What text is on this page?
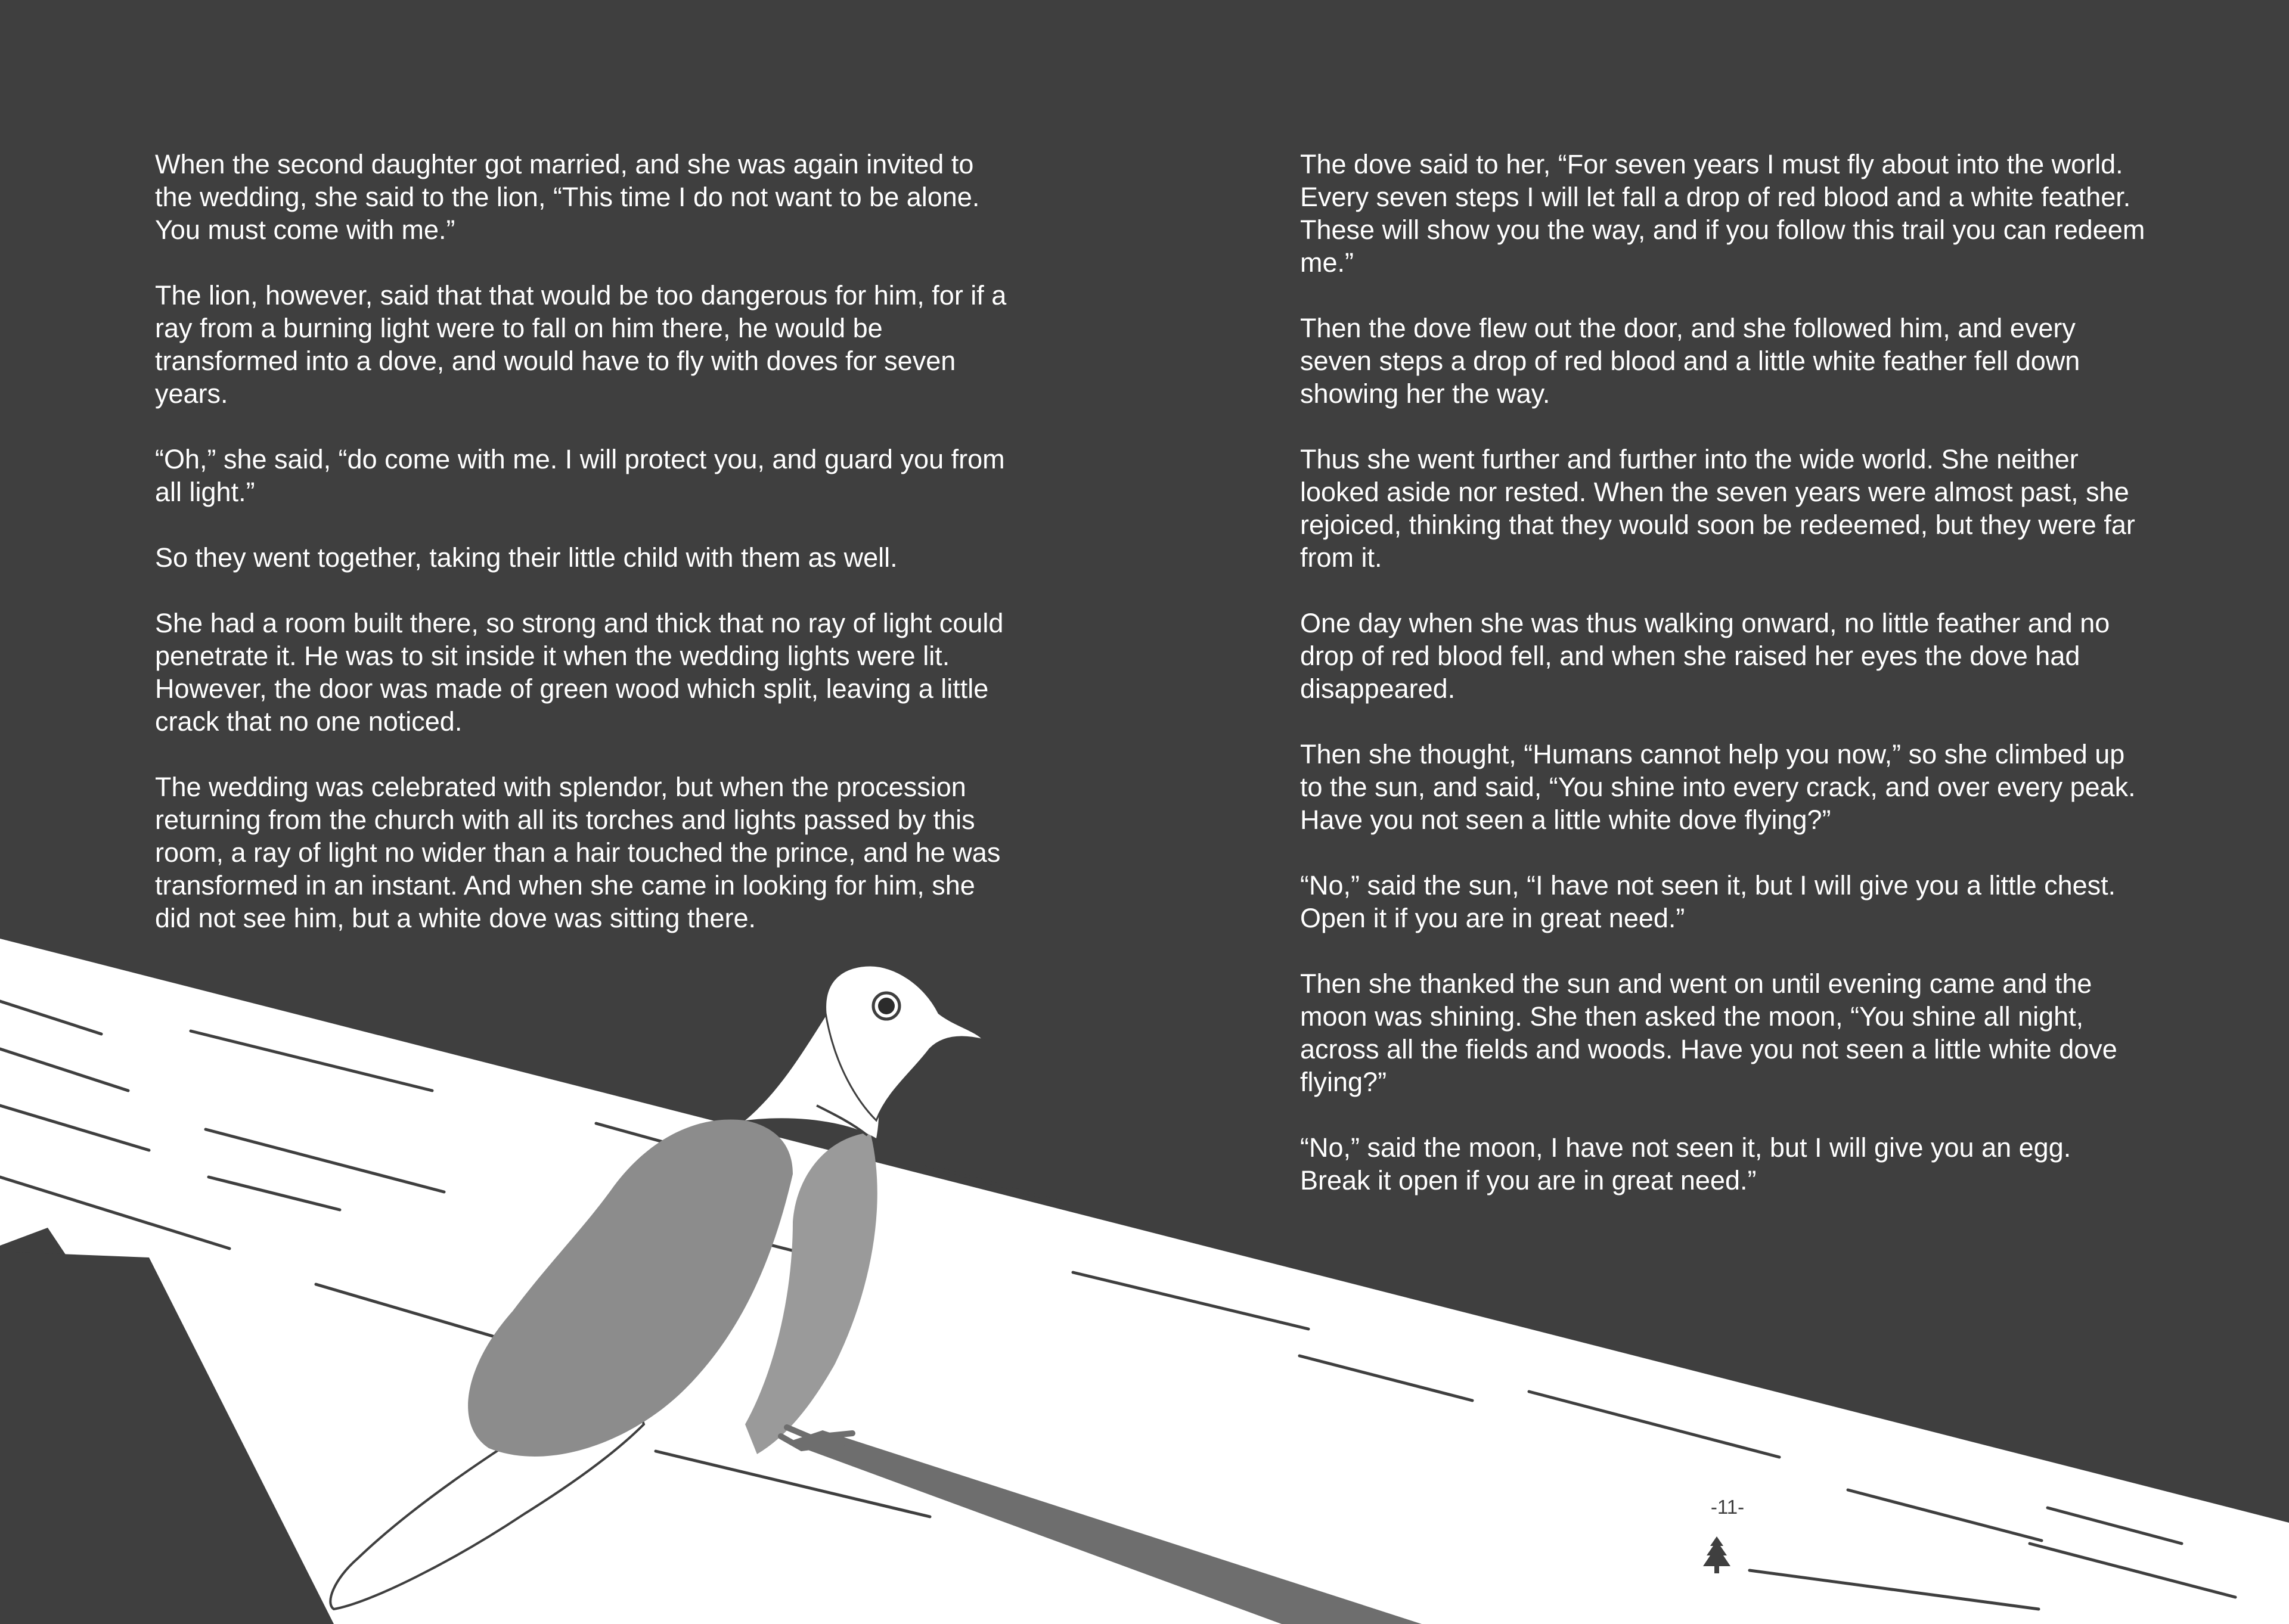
When the second daughter got married, and she was again invited to the wedding, she said to the lion, “This time I do not want to be alone. You must come with me.”

The lion, however, said that that would be too dangerous for him, for if a ray from a burning light were to fall on him there, he would be transformed into a dove, and would have to fly with doves for seven years.

“Oh,” she said, “do come with me. I will protect you, and guard you from all light.”

So they went together, taking their little child with them as well.

She had a room built there, so strong and thick that no ray of light could penetrate it. He was to sit inside it when the wedding lights were lit. However, the door was made of green wood which split, leaving a little crack that no one noticed.

The wedding was celebrated with splendor, but when the procession returning from the church with all its torches and lights passed by this room, a ray of light no wider than a hair touched the prince, and he was transformed in an instant. And when she came in looking for him, she did not see him, but a white dove was sitting there.

The dove said to her, “For seven years I must fly about into the world. Every seven steps I will let fall a drop of red blood and a white feather. These will show you the way, and if you follow this trail you can redeem me.”

Then the dove flew out the door, and she followed him, and every seven steps a drop of red blood and a little white feather fell down showing her the way.

Thus she went further and further into the wide world. She neither looked aside nor rested. When the seven years were almost past, she rejoiced, thinking that they would soon be redeemed, but they were far from it.

One day when she was thus walking onward, no little feather and no drop of red blood fell, and when she raised her eyes the dove had disappeared.

Then she thought, “Humans cannot help you now,” so she climbed up to the sun, and said, “You shine into every crack, and over every peak. Have you not seen a little white dove flying?”

“No,” said the sun, “I have not seen it, but I will give you a little chest. Open it if you are in great need.”

Then she thanked the sun and went on until evening came and the moon was shining. She then asked the moon, “You shine all night, across all the fields and woods. Have you not seen a little white dove flying?”

“No,” said the moon, I have not seen it, but I will give you an egg. Break it open if you are in great need.”

-11-
